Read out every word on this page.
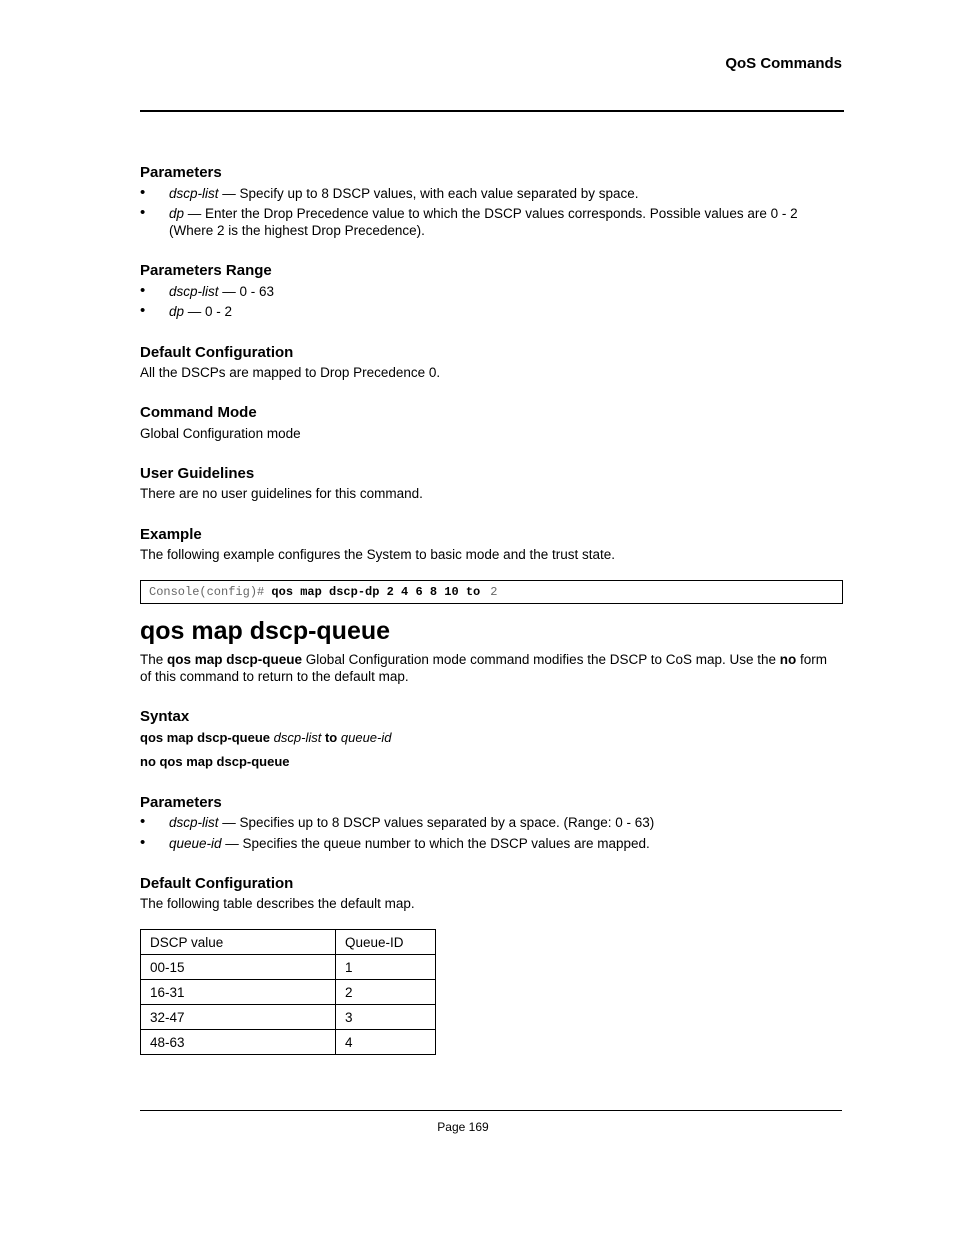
QoS Commands
Parameters
• dscp-list — Specify up to 8 DSCP values, with each value separated by space.
• dp — Enter the Drop Precedence value to which the DSCP values corresponds. Possible values are 0 - 2 (Where 2 is the highest Drop Precedence).
Parameters Range
• dscp-list — 0 - 63
• dp — 0 - 2
Default Configuration
All the DSCPs are mapped to Drop Precedence 0.
Command Mode
Global Configuration mode
User Guidelines
There are no user guidelines for this command.
Example
The following example configures the System to basic mode and the trust state.
Console(config)# qos map dscp-dp 2 4 6 8 10 to 2
qos map dscp-queue
The qos map dscp-queue Global Configuration mode command modifies the DSCP to CoS map. Use the no form of this command to return to the default map.
Syntax
qos map dscp-queue dscp-list to queue-id
no qos map dscp-queue
Parameters
• dscp-list — Specifies up to 8 DSCP values separated by a space. (Range: 0 - 63)
• queue-id — Specifies the queue number to which the DSCP values are mapped.
Default Configuration
The following table describes the default map.
DSCP value	Queue-ID
00-15	1
16-31	2
32-47	3
48-63	4
Page 169
